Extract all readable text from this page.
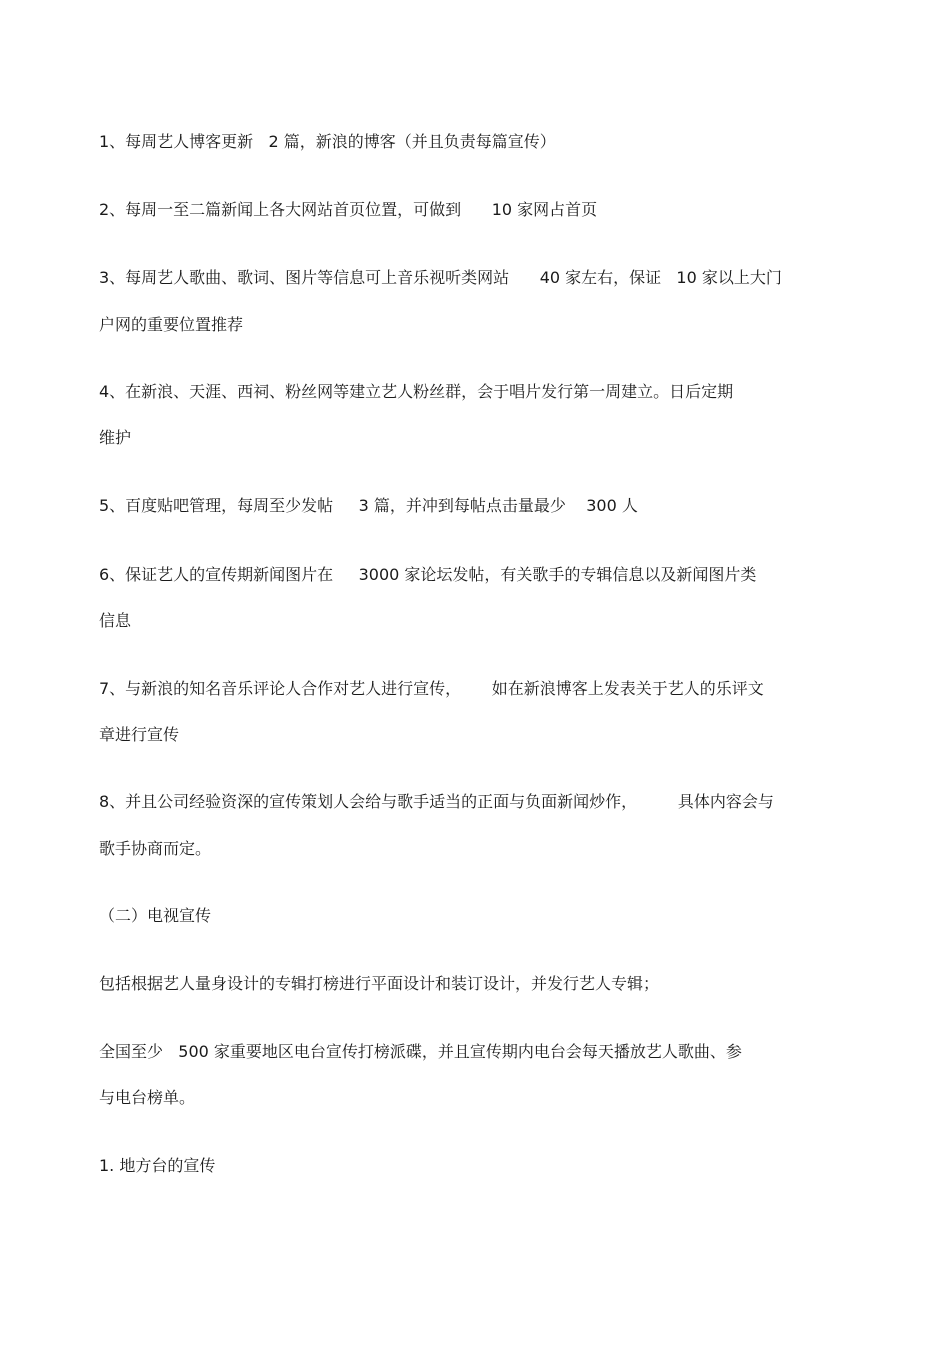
1、每周艺人博客更新   2 篇，新浪的博客（并且负责每篇宣传）

2、每周一至二篇新闻上各大网站首页位置，可做到      10 家网占首页

3、每周艺人歌曲、歌词、图片等信息可上音乐视听类网站      40 家左右，保证   10 家以上大门

户网的重要位置推荐

4、在新浪、天涯、西祠、粉丝网等建立艺人粉丝群，会于唱片发行第一周建立。日后定期

维护

5、百度贴吧管理，每周至少发帖     3 篇，并冲到每帖点击量最少    300 人

6、保证艺人的宣传期新闻图片在     3000 家论坛发帖，有关歌手的专辑信息以及新闻图片类

信息

7、与新浪的知名音乐评论人合作对艺人进行宣传，      如在新浪博客上发表关于艺人的乐评文

章进行宣传

8、并且公司经验资深的宣传策划人会给与歌手适当的正面与负面新闻炒作，        具体内容会与

歌手协商而定。

（二）电视宣传

包括根据艺人量身设计的专辑打榜进行平面设计和装订设计，并发行艺人专辑；

全国至少   500 家重要地区电台宣传打榜派碟，并且宣传期内电台会每天播放艺人歌曲、参

与电台榜单。

1. 地方台的宣传
